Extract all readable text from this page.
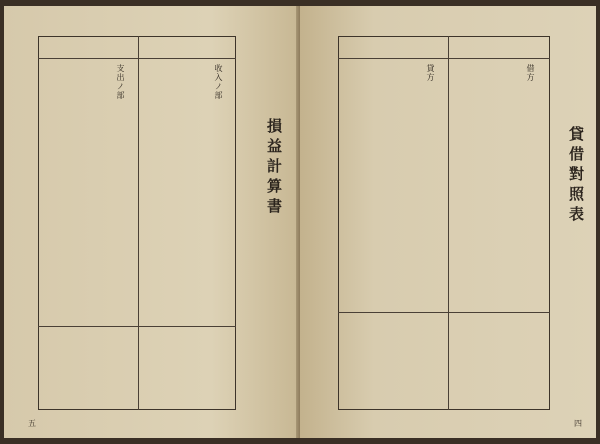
損益計算書
收入ノ部
支出ノ部
五
貸借對照表
借方
貸方
四
